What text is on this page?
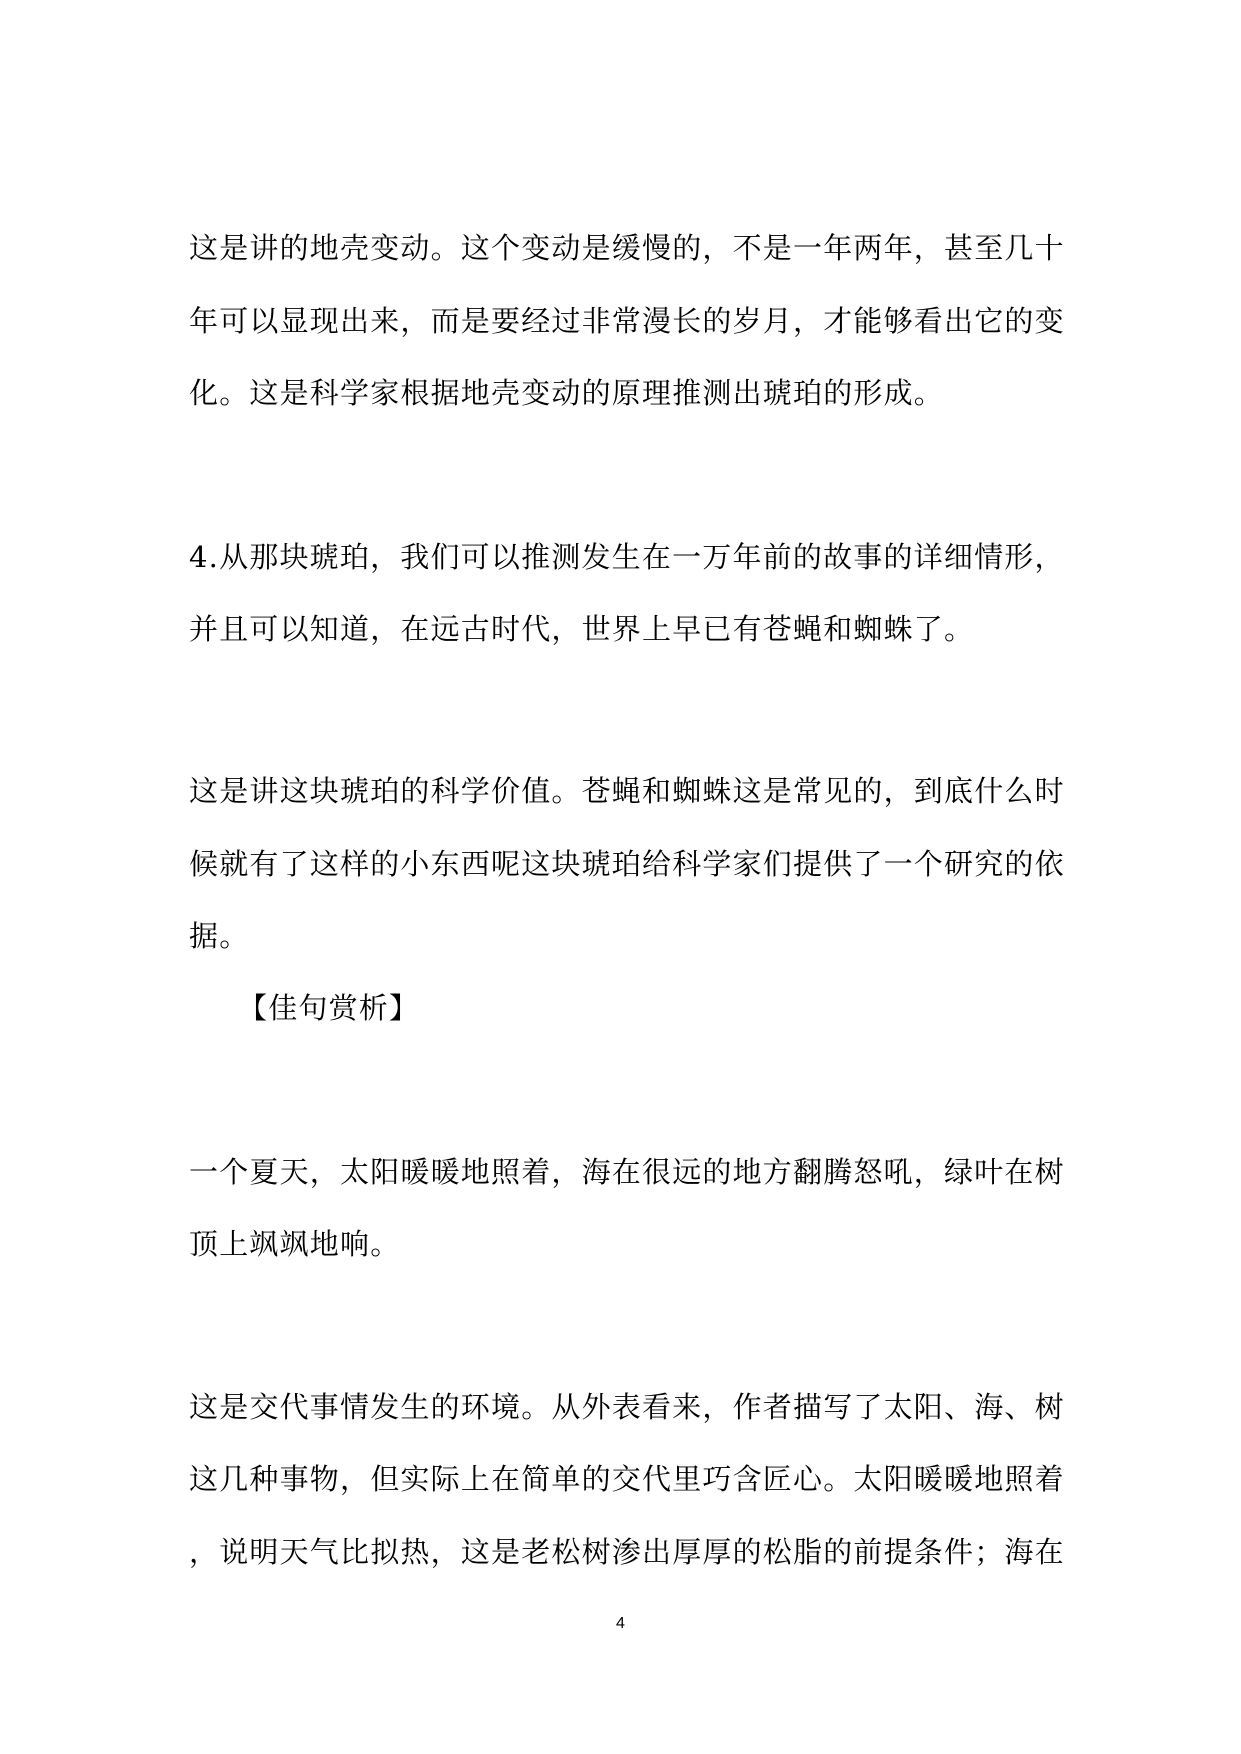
这是讲的地壳变动。这个变动是缓慢的，不是一年两年，甚至几十
年可以显现出来，而是要经过非常漫长的岁月，才能够看出它的变
化。这是科学家根据地壳变动的原理推测出琥珀的形成。
4.从那块琥珀，我们可以推测发生在一万年前的故事的详细情形，
并且可以知道，在远古时代，世界上早已有苍蝇和蜘蛛了。
这是讲这块琥珀的科学价值。苍蝇和蜘蛛这是常见的，到底什么时
候就有了这样的小东西呢这块琥珀给科学家们提供了一个研究的依
据。
【佳句赏析】
一个夏天，太阳暖暖地照着，海在很远的地方翻腾怒吼，绿叶在树
顶上飒飒地响。
这是交代事情发生的环境。从外表看来，作者描写了太阳、海、树
这几种事物，但实际上在简单的交代里巧含匠心。太阳暖暖地照着
，说明天气比拟热，这是老松树渗出厚厚的松脂的前提条件；海在
4
